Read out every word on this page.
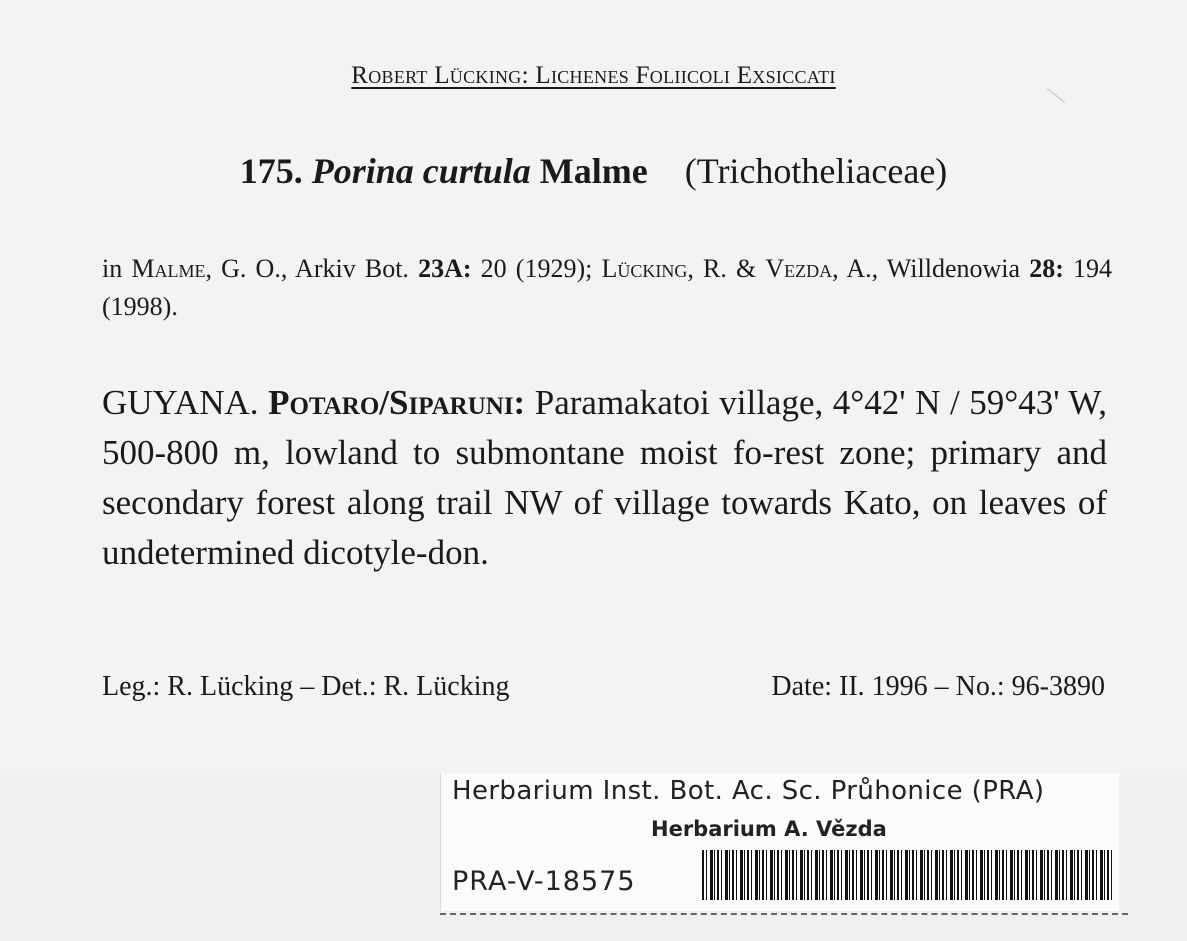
Robert Lücking: Lichenes Foliicoli Exsiccati
175. Porina curtula Malme (Trichotheliaceae)
in Malme, G. O., Arkiv Bot. 23A: 20 (1929); Lücking, R. & Vezda, A., Willdenowia 28: 194 (1998).
GUYANA. Potaro/Siparuni: Paramakatoi village, 4°42' N / 59°43' W, 500-800 m, lowland to submontane moist fo-rest zone; primary and secondary forest along trail NW of village towards Kato, on leaves of undetermined dicotyle-don.
Leg.: R. Lücking – Det.: R. Lücking	Date: II. 1996 – No.: 96-3890
Herbarium Inst. Bot. Ac. Sc. Průhonice (PRA)
Herbarium A. Vězda
PRA-V-18575
